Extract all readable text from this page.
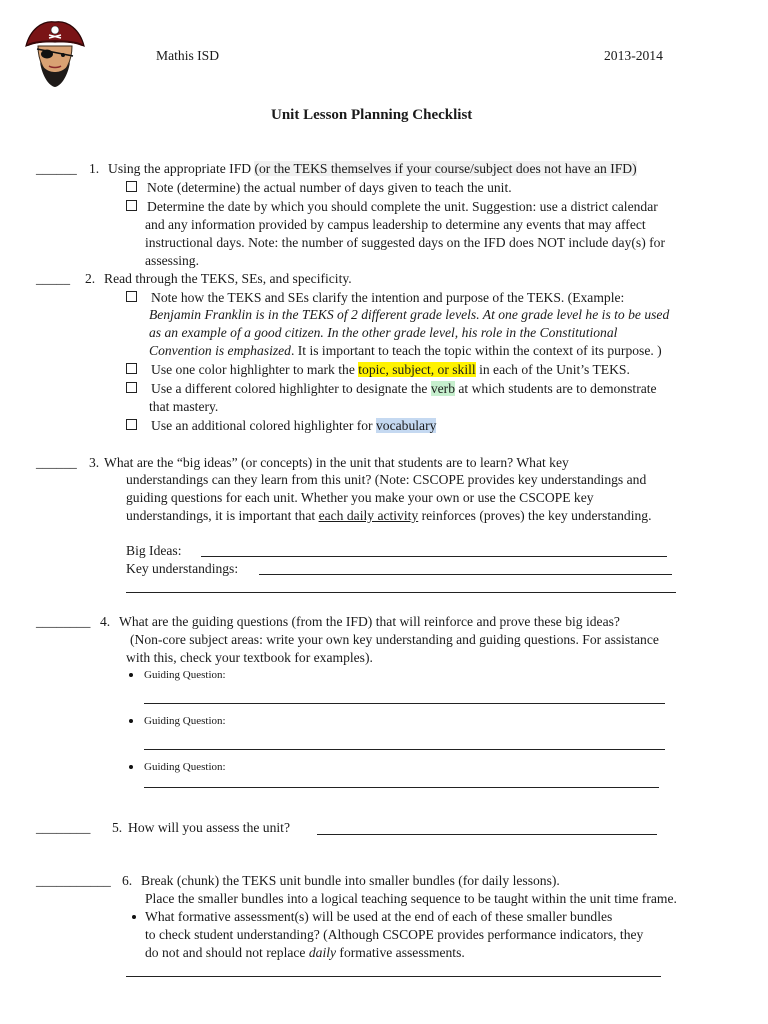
Mathis ISD	2013-2014
Unit Lesson Planning Checklist
______ 1. Using the appropriate IFD (or the TEKS themselves if your course/subject does not have an IFD)
Note (determine) the actual number of days given to teach the unit.
Determine the date by which you should complete the unit. Suggestion: use a district calendar
and any information provided by campus leadership to determine any events that may affect
instructional days. Note: the number of suggested days on the IFD does NOT include day(s) for
assessing.
_____ 2. Read through the TEKS, SEs, and specificity.
Note how the TEKS and SEs clarify the intention and purpose of the TEKS. (Example:
Benjamin Franklin is in the TEKS of 2 different grade levels. At one grade level he is to be used
as an example of a good citizen. In the other grade level, his role in the Constitutional
Convention is emphasized. It is important to teach the topic within the context of its purpose. )
Use one color highlighter to mark the topic, subject, or skill in each of the Unit’s TEKS.
Use a different colored highlighter to designate the verb at which students are to demonstrate
that mastery.
Use an additional colored highlighter for vocabulary
______ 3. What are the “big ideas” (or concepts) in the unit that students are to learn? What key
understandings can they learn from this unit? (Note: CSCOPE provides key understandings and
guiding questions for each unit. Whether you make your own or use the CSCOPE key
understandings, it is important that each daily activity reinforces (proves) the key understanding.
Big Ideas:
Key understandings:
________ 4. What are the guiding questions (from the IFD) that will reinforce and prove these big ideas?
(Non-core subject areas: write your own key understanding and guiding questions. For assistance
with this, check your textbook for examples).
Guiding Question:
Guiding Question:
Guiding Question:
________ 5. How will you assess the unit?
___________ 6. Break (chunk) the TEKS unit bundle into smaller bundles (for daily lessons).
Place the smaller bundles into a logical teaching sequence to be taught within the unit time frame.
What formative assessment(s) will be used at the end of each of these smaller bundles
to check student understanding? (Although CSCOPE provides performance indicators, they
do not and should not replace daily formative assessments.
